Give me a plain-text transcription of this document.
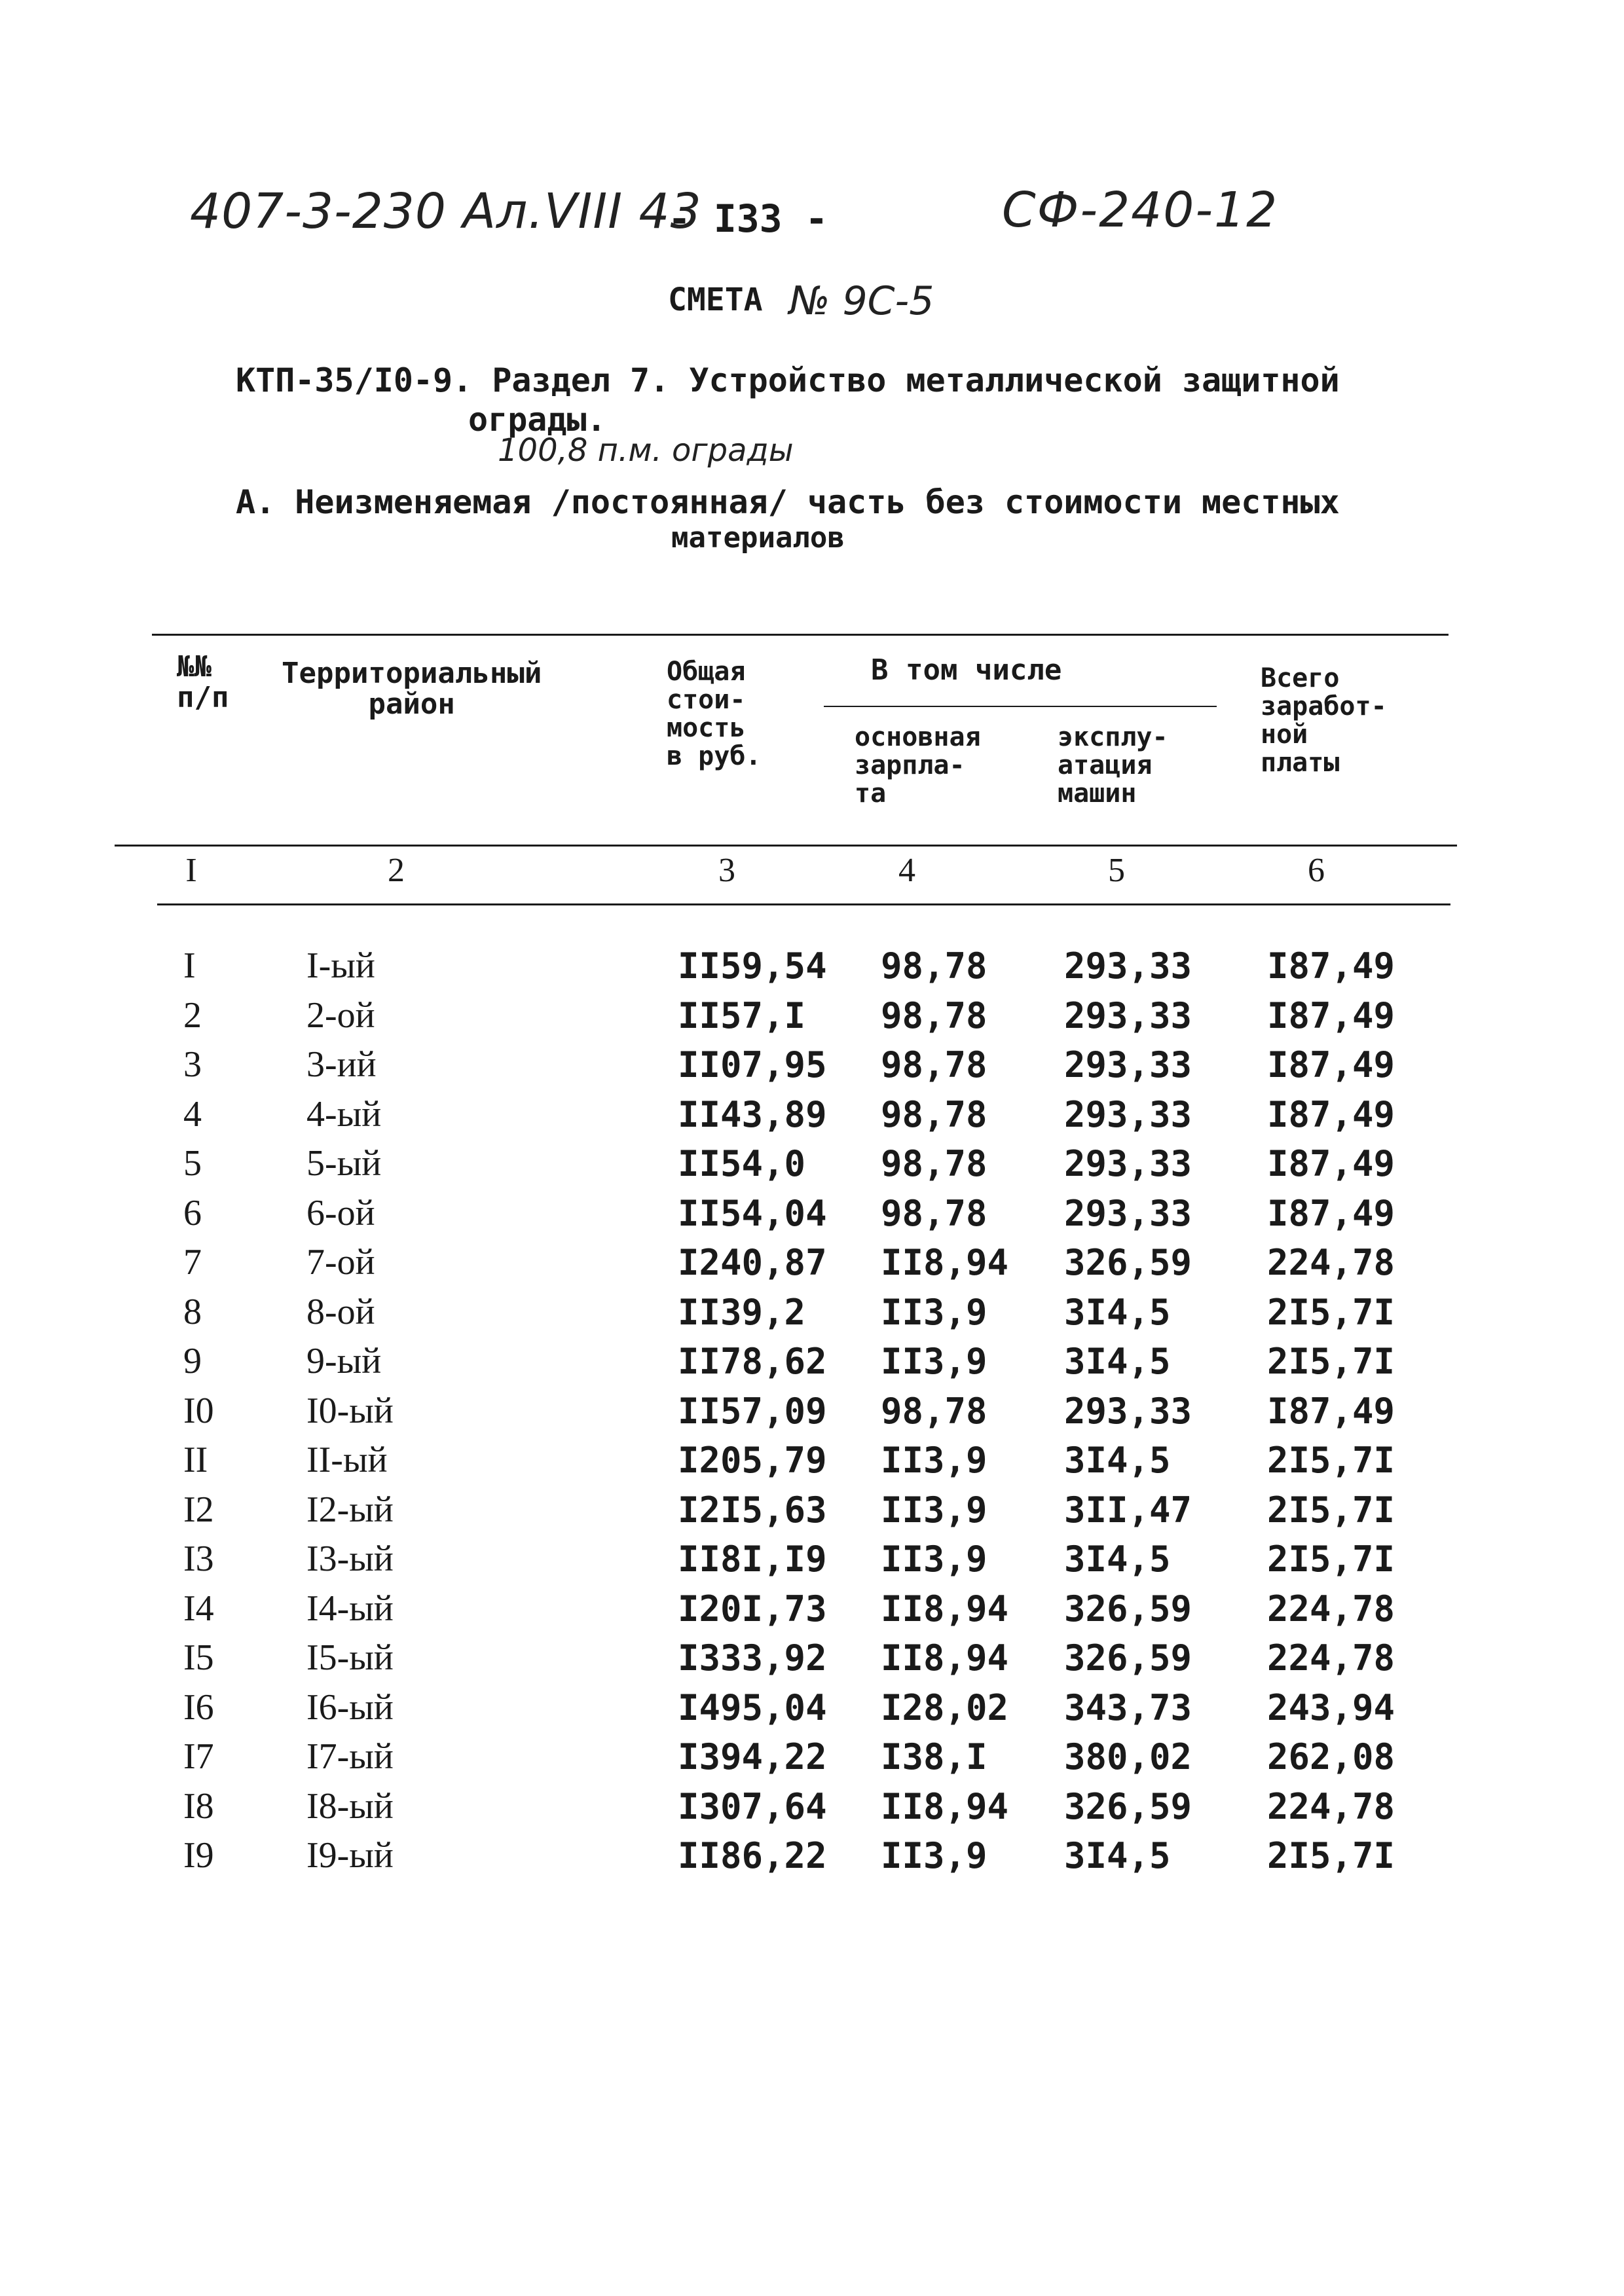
407-3-230 Ал.VIII 43
- I33 -	СФ-240-12
СМЕТА № 9С-5
КТП-35/I0-9. Раздел 7. Устройство металлической защитной
ограды.
100,8 п.м. ограды
А. Неизменяемая /постоянная/ часть без стоимости местных
материалов
№№
п/п
Территориальный
район
Общая
стои-
мость
в руб.
В том числе
основная
зарпла-
та
эксплу-
атация
машин
Всего
заработ-
ной
платы
I	2	3	4	5	6
I	I-ый	II59,54 98,78 293,33 I87,49
2	2-ой	II57,I 98,78 293,33 I87,49
3	3-ий	II07,95 98,78 293,33 I87,49
4	4-ый	II43,89 98,78 293,33 I87,49
5	5-ый	II54,0 98,78 293,33 I87,49
6	6-ой	II54,04 98,78 293,33 I87,49
7	7-ой	I240,87 II8,94 326,59 224,78
8	8-ой	II39,2 II3,9 3I4,5	2I5,7I
9	9-ый	II78,62 II3,9 3I4,5	2I5,7I
I0	I0-ый	II57,09 98,78 293,33 I87,49
II	II-ый	I205,79 II3,9 3I4,5	2I5,7I
I2	I2-ый	I2I5,63 II3,9 3II,47 2I5,7I
I3	I3-ый	II8I,I9 II3,9 3I4,5	2I5,7I
I4	I4-ый	I20I,73 II8,94 326,59 224,78
I5	I5-ый	I333,92 II8,94 326,59 224,78
I6	I6-ый	I495,04 I28,02 343,73 243,94
I7	I7-ый	I394,22 I38,I 380,02 262,08
I8	I8-ый	I307,64 II8,94 326,59 224,78
I9	I9-ый	II86,22 II3,9 3I4,5	2I5,7I
